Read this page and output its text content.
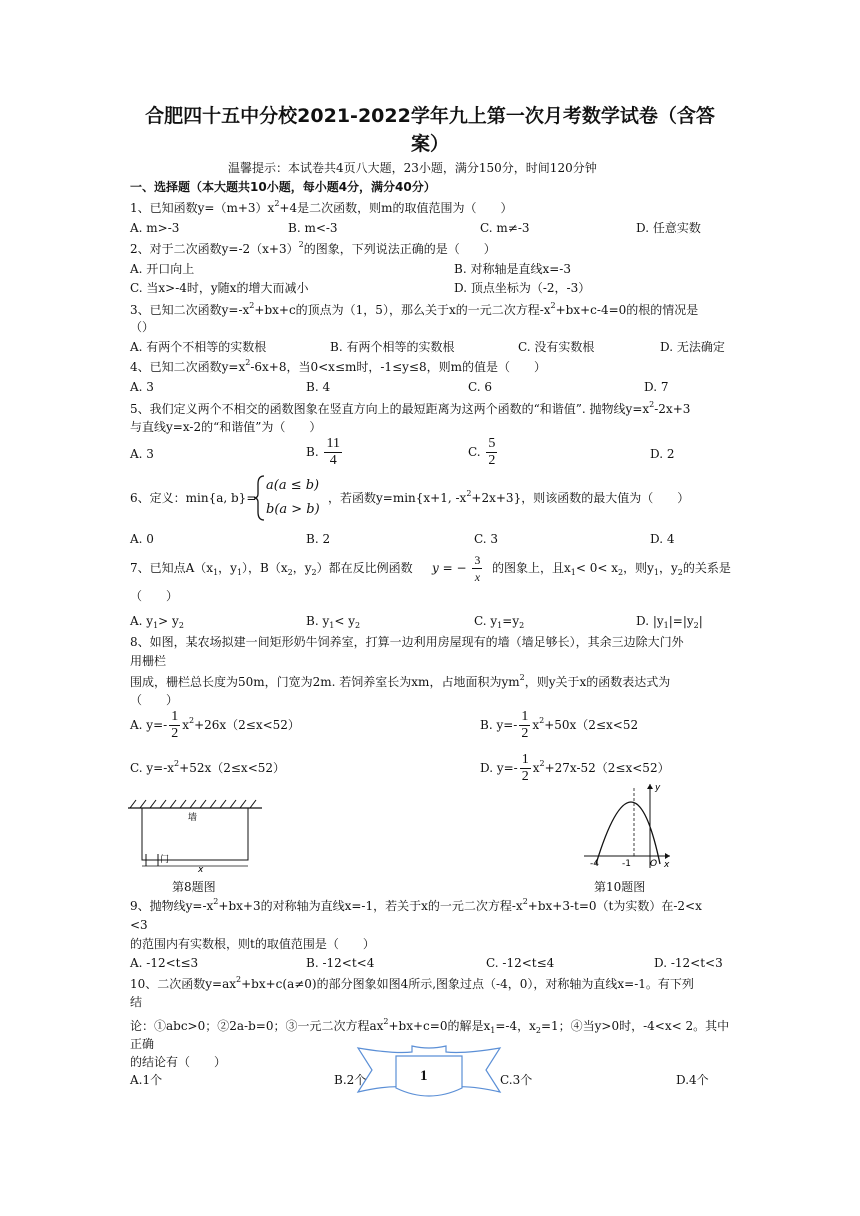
合肥四十五中分校2021-2022学年九上第一次月考数学试卷（含答
案）
温馨提示：本试卷共4页八大题，23小题，满分150分，时间120分钟
一、选择题（本大题共10小题，每小题4分，满分40分）
1、已知函数$y=(m+3)x^2+4$是二次函数，则m的取值范围为（　　）
A. m>-3	B. m<-3	C. m≠-3	D. 任意实数
2、对于二次函数$y=-2(x+3)^2$的图象，下列说法正确的是（　　）
A. 开口向上	B. 对称轴是直线x=-3
C. 当x>-4时，y随x的增大而减小	D. 顶点坐标为（-2，-3）
3、已知二次函数$y=-x^2+bx+c$的顶点为（1，5），那么关于x的一元二次方程$-x^2+bx+c-4=0$的根的情况是
（）
A. 有两个不相等的实数根	B. 有两个相等的实数根	C. 没有实数根	D. 无法确定
4、已知二次函数$y=x^2-6x+8$，当0<x≤m时，-1≤y≤8，则m的值是（　　）
A. 3	B. 4	C. 6	D. 7
5、我们定义两个不相交的函数图象在竖直方向上的最短距离为这两个函数的“和谐值”. 抛物线$y=x^2-2x+3$
与直线y=x-2的“和谐值”为（　　）
A. 3	B. $\frac{11}{4}$	C. $\frac{5}{2}$	D. 2
6、定义：min{a, b}=
a(a ≤ b)
b(a > b)
，若函数y=min{x+1, $-x^2+2x+3$}，则该函数的最大值为（　　）
A. 0	B. 2	C. 3	D. 4
7、已知点$A(x_1$，$y_1$），$B(x_2$，$y_2$）都在反比例函数 y = − $\frac{3}{x}$ 的图象上，且$x_1< 0< x_2$，则$y_1$，$y_2$的关系是
（　　）
A. $y_1> y_2$	B. $y_1< y_2$	C. $y_1=y_2$	D. $|y_1|=|y_2|$
8、如图，某农场拟建一间矩形奶牛饲养室，打算一边利用房屋现有的墙（墙足够长），其余三边除大门外
用栅栏
围成，栅栏总长度为50m，门宽为2m. 若饲养室长为xm，占地面积为$ym^2$，则y关于x的函数表达式为
（　　）
A. $y=- \frac{1}{2} x^2+26x(2\le x<52)$	B. $y=- \frac{1}{2} x^2+50x(2\le x<52$
C. $y=-x^2+52x(2\le x<52)$	D. $y=- \frac{1}{2} x^2+27x-52(2\le x<52)$
墙
门
x
第8题图
y
x
O
-4	-1
第10题图
9、抛物线$y=-x^2+bx+3$的对称轴为直线x=-1，若关于x的一元二次方程$-x^2+bx+3-t=0(t$为实数）在-2<x
<3
的范围内有实数根，则t的取值范围是（　　）
A. -12<t≤3	B. -12<t<4	C. -12<t≤4	D. -12<t<3
10、二次函数$y=ax^2+bx+c(a\ne 0)$的部分图象如图4所示,图象过点（-4，0），对称轴为直线x=-1。有下列
结
论：①abc>0；②2a-b=0；③一元二次方程$ax^2+bx+c=0$的解是$x_1=-4$，$x_2=1$；④当y>0时，-4<x< 2。其中
正确
的结论有（　　）
1
A.1个	B.2个	C.3个	D.4个
